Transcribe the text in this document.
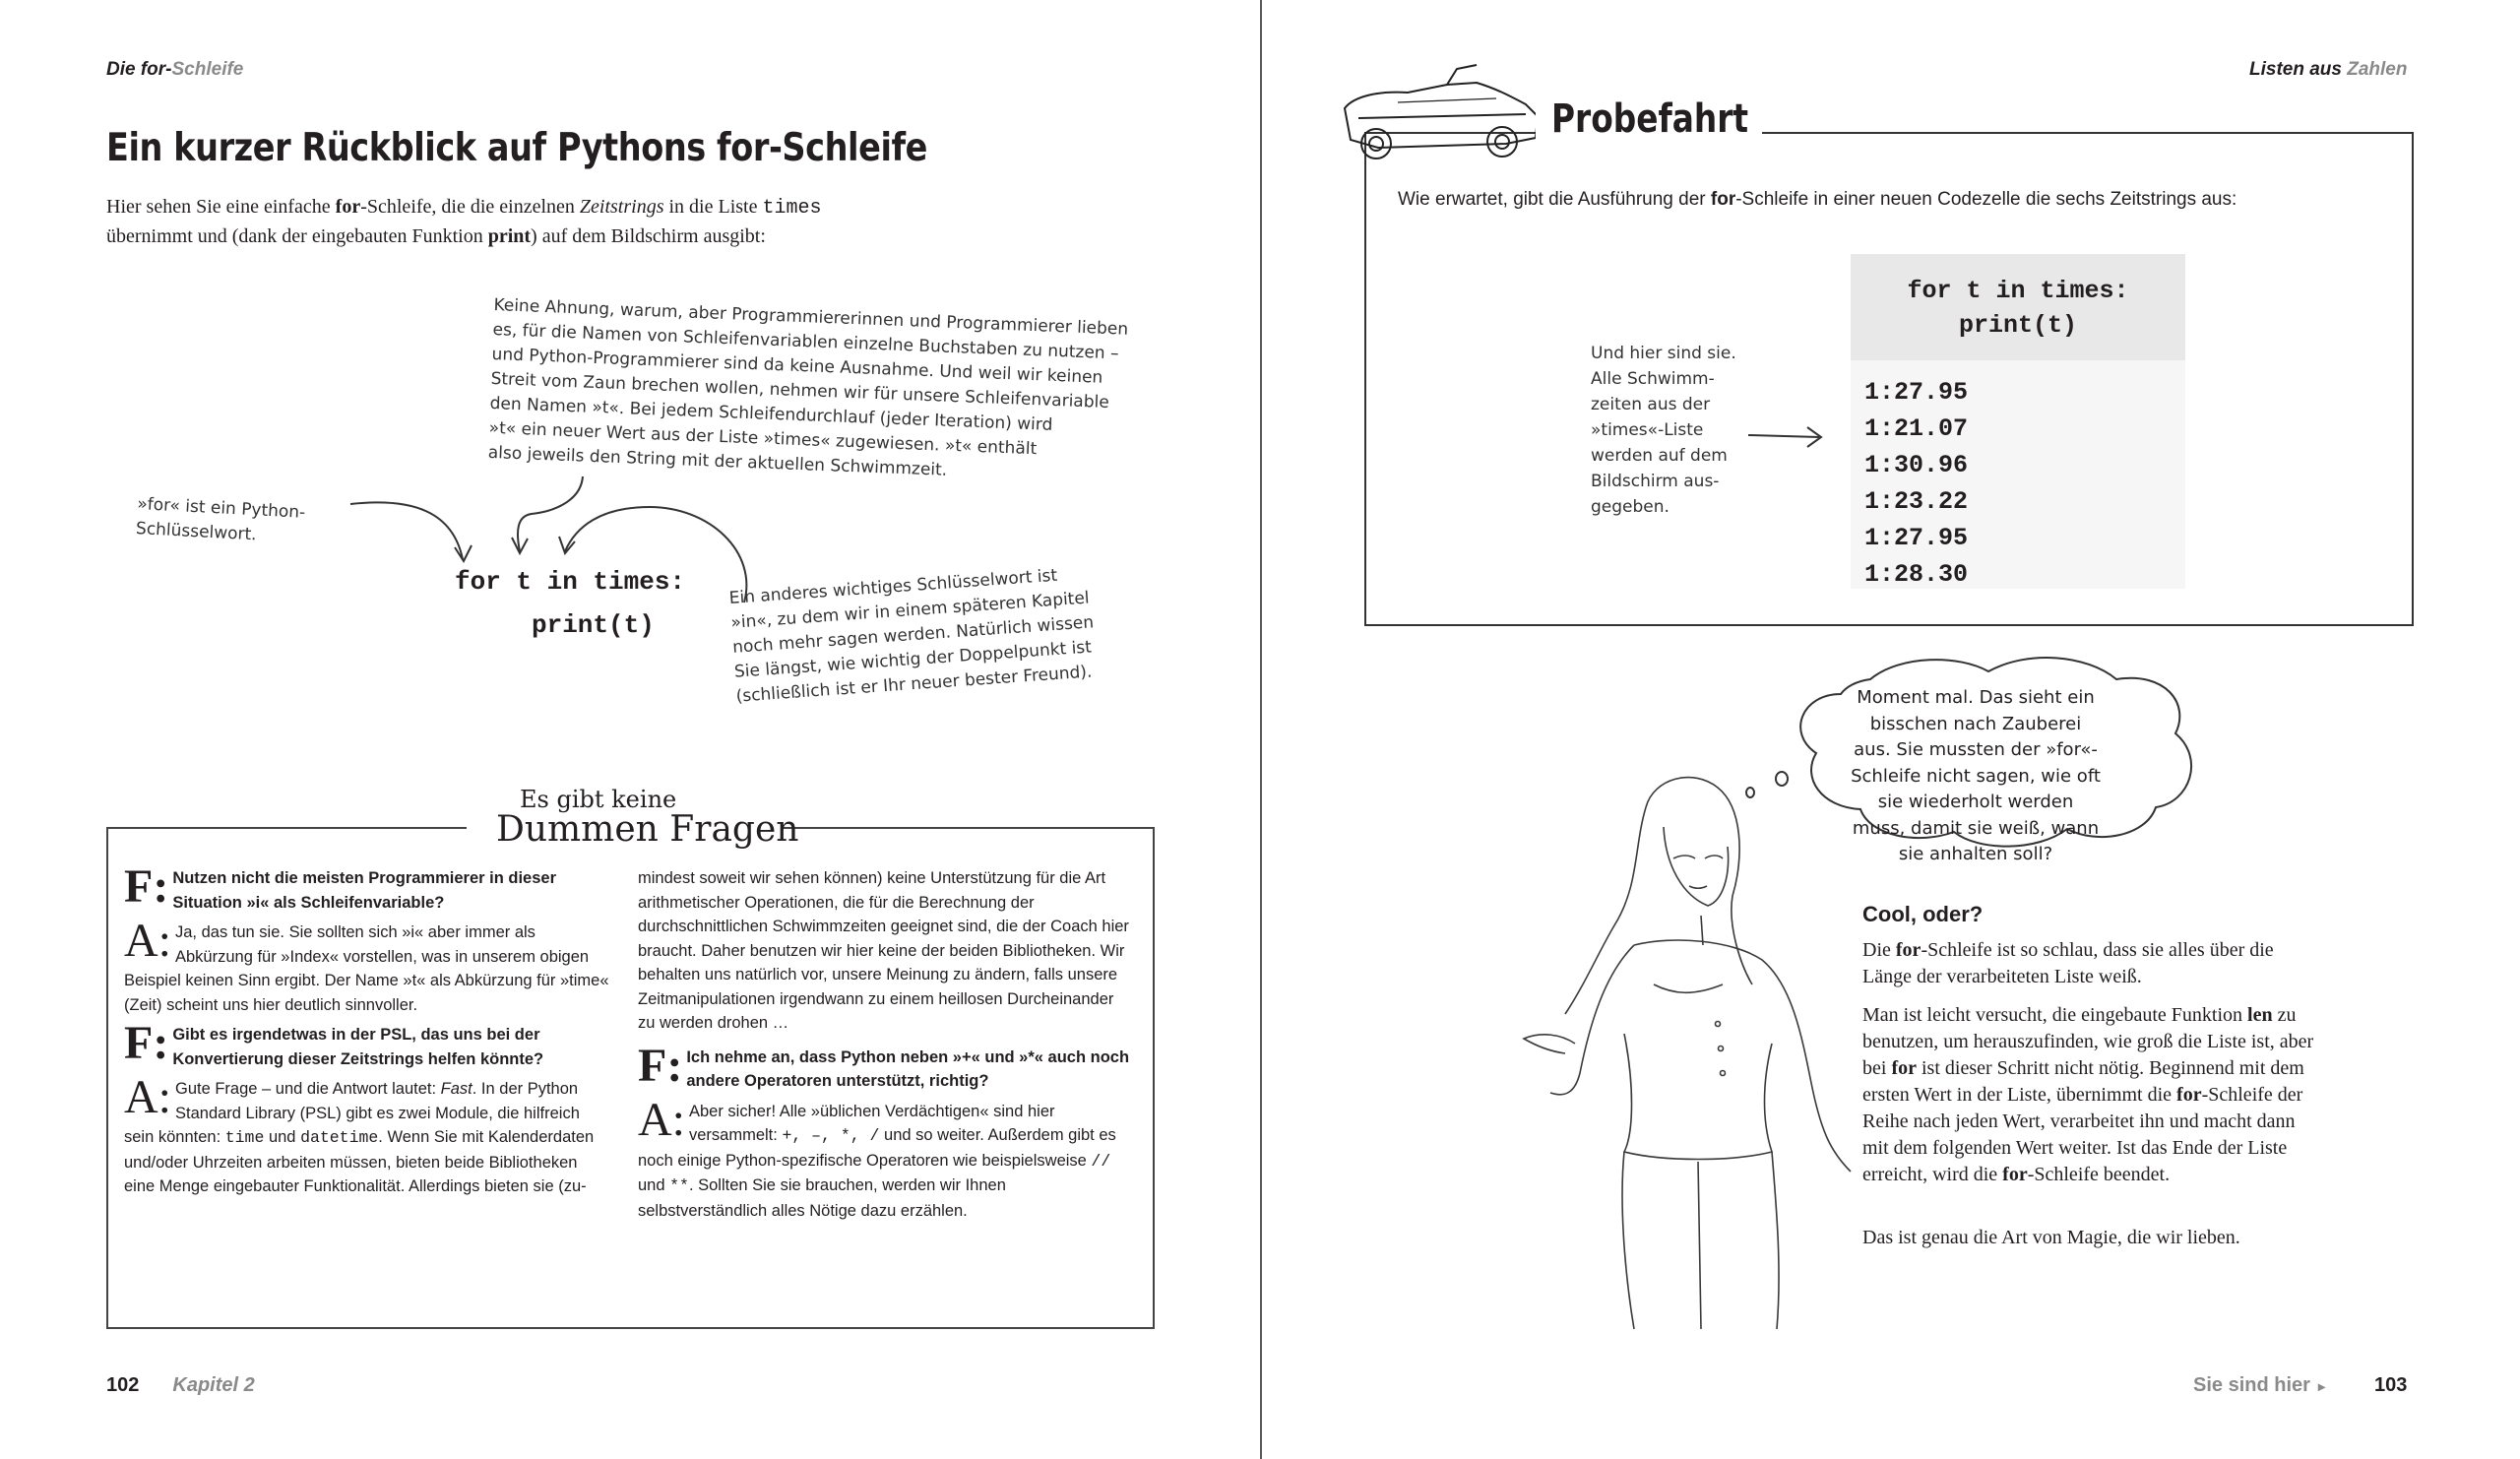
Die for-Schleife
Ein kurzer Rückblick auf Pythons for-Schleife
Hier sehen Sie eine einfache for-Schleife, die die einzelnen Zeitstrings in die Liste times übernimmt und (dank der eingebauten Funktion print) auf dem Bildschirm ausgibt:
Keine Ahnung, warum, aber Programmiererinnen und Programmierer lieben
es, für die Namen von Schleifenvariablen einzelne Buchstaben zu nutzen –
und Python-Programmierer sind da keine Ausnahme. Und weil wir keinen
Streit vom Zaun brechen wollen, nehmen wir für unsere Schleifenvariable
den Namen »t«. Bei jedem Schleifendurchlauf (jeder Iteration) wird
»t« ein neuer Wert aus der Liste »times« zugewiesen. »t« enthält
also jeweils den String mit der aktuellen Schwimmzeit.
»for« ist ein Python-
Schlüsselwort.
Ein anderes wichtiges Schlüsselwort ist
»in«, zu dem wir in einem späteren Kapitel
noch mehr sagen werden. Natürlich wissen
Sie längst, wie wichtig der Doppelpunkt ist
(schließlich ist er Ihr neuer bester Freund).
for t in times:
print(t)
Es gibt keine
Dummen Fragen

F: Nutzen nicht die meisten Programmierer in dieser Situation »i« als Schleifenvariable?

A: Ja, das tun sie. Sie sollten sich »i« aber immer als Abkürzung für »Index« vorstellen, was in unserem obigen Beispiel keinen Sinn ergibt. Der Name »t« als Abkürzung für »time« (Zeit) scheint uns hier deutlich sinnvoller.

F: Gibt es irgendetwas in der PSL, das uns bei der Konvertierung dieser Zeitstrings helfen könnte?

A: Gute Frage – und die Antwort lautet: Fast. In der Python Standard Library (PSL) gibt es zwei Module, die hilfreich sein könnten: time und datetime. Wenn Sie mit Kalenderdaten und/oder Uhrzeiten arbeiten müssen, bieten beide Bibliotheken eine Menge eingebauter Funktionalität. Allerdings bieten sie (zu-

mindest soweit wir sehen können) keine Unterstützung für die Art arithmetischer Operationen, die für die Berechnung der durchschnittlichen Schwimmzeiten geeignet sind, die der Coach hier braucht. Daher benutzen wir hier keine der beiden Bibliotheken. Wir behalten uns natürlich vor, unsere Meinung zu ändern, falls unsere Zeitmanipulationen irgendwann zu einem heillosen Durcheinander zu werden drohen …

F: Ich nehme an, dass Python neben »+« und »*« auch noch andere Operatoren unterstützt, richtig?

A: Aber sicher! Alle »üblichen Verdächtigen« sind hier versammelt: +, –, *, / und so weiter. Außerdem gibt es noch einige Python-spezifische Operatoren wie beispielsweise // und **. Sollten Sie sie brauchen, werden wir Ihnen selbstverständlich alles Nötige dazu erzählen.

102 Kapitel 2
Listen aus Zahlen
Probefahrt
Wie erwartet, gibt die Ausführung der for-Schleife in einer neuen Codezelle die sechs Zeitstrings aus:
for t in times:
print(t)
1:27.95
1:21.07
1:30.96
1:23.22
1:27.95
1:28.30
Und hier sind sie.
Alle Schwimm-
zeiten aus der
»times«-Liste
werden auf dem
Bildschirm aus-
gegeben.
Moment mal. Das sieht ein bisschen nach Zauberei aus. Sie mussten der »for«-Schleife nicht sagen, wie oft sie wiederholt werden muss, damit sie weiß, wann sie anhalten soll?
Cool, oder?
Die for-Schleife ist so schlau, dass sie alles über die Länge der verarbeiteten Liste weiß.
Man ist leicht versucht, die eingebaute Funktion len zu benutzen, um herauszufinden, wie groß die Liste ist, aber bei for ist dieser Schritt nicht nötig. Beginnend mit dem ersten Wert in der Liste, übernimmt die for-Schleife der Reihe nach jeden Wert, verarbeitet ihn und macht dann mit dem folgenden Wert weiter. Ist das Ende der Liste erreicht, wird die for-Schleife beendet.
Das ist genau die Art von Magie, die wir lieben.
Sie sind hier ▸	103
